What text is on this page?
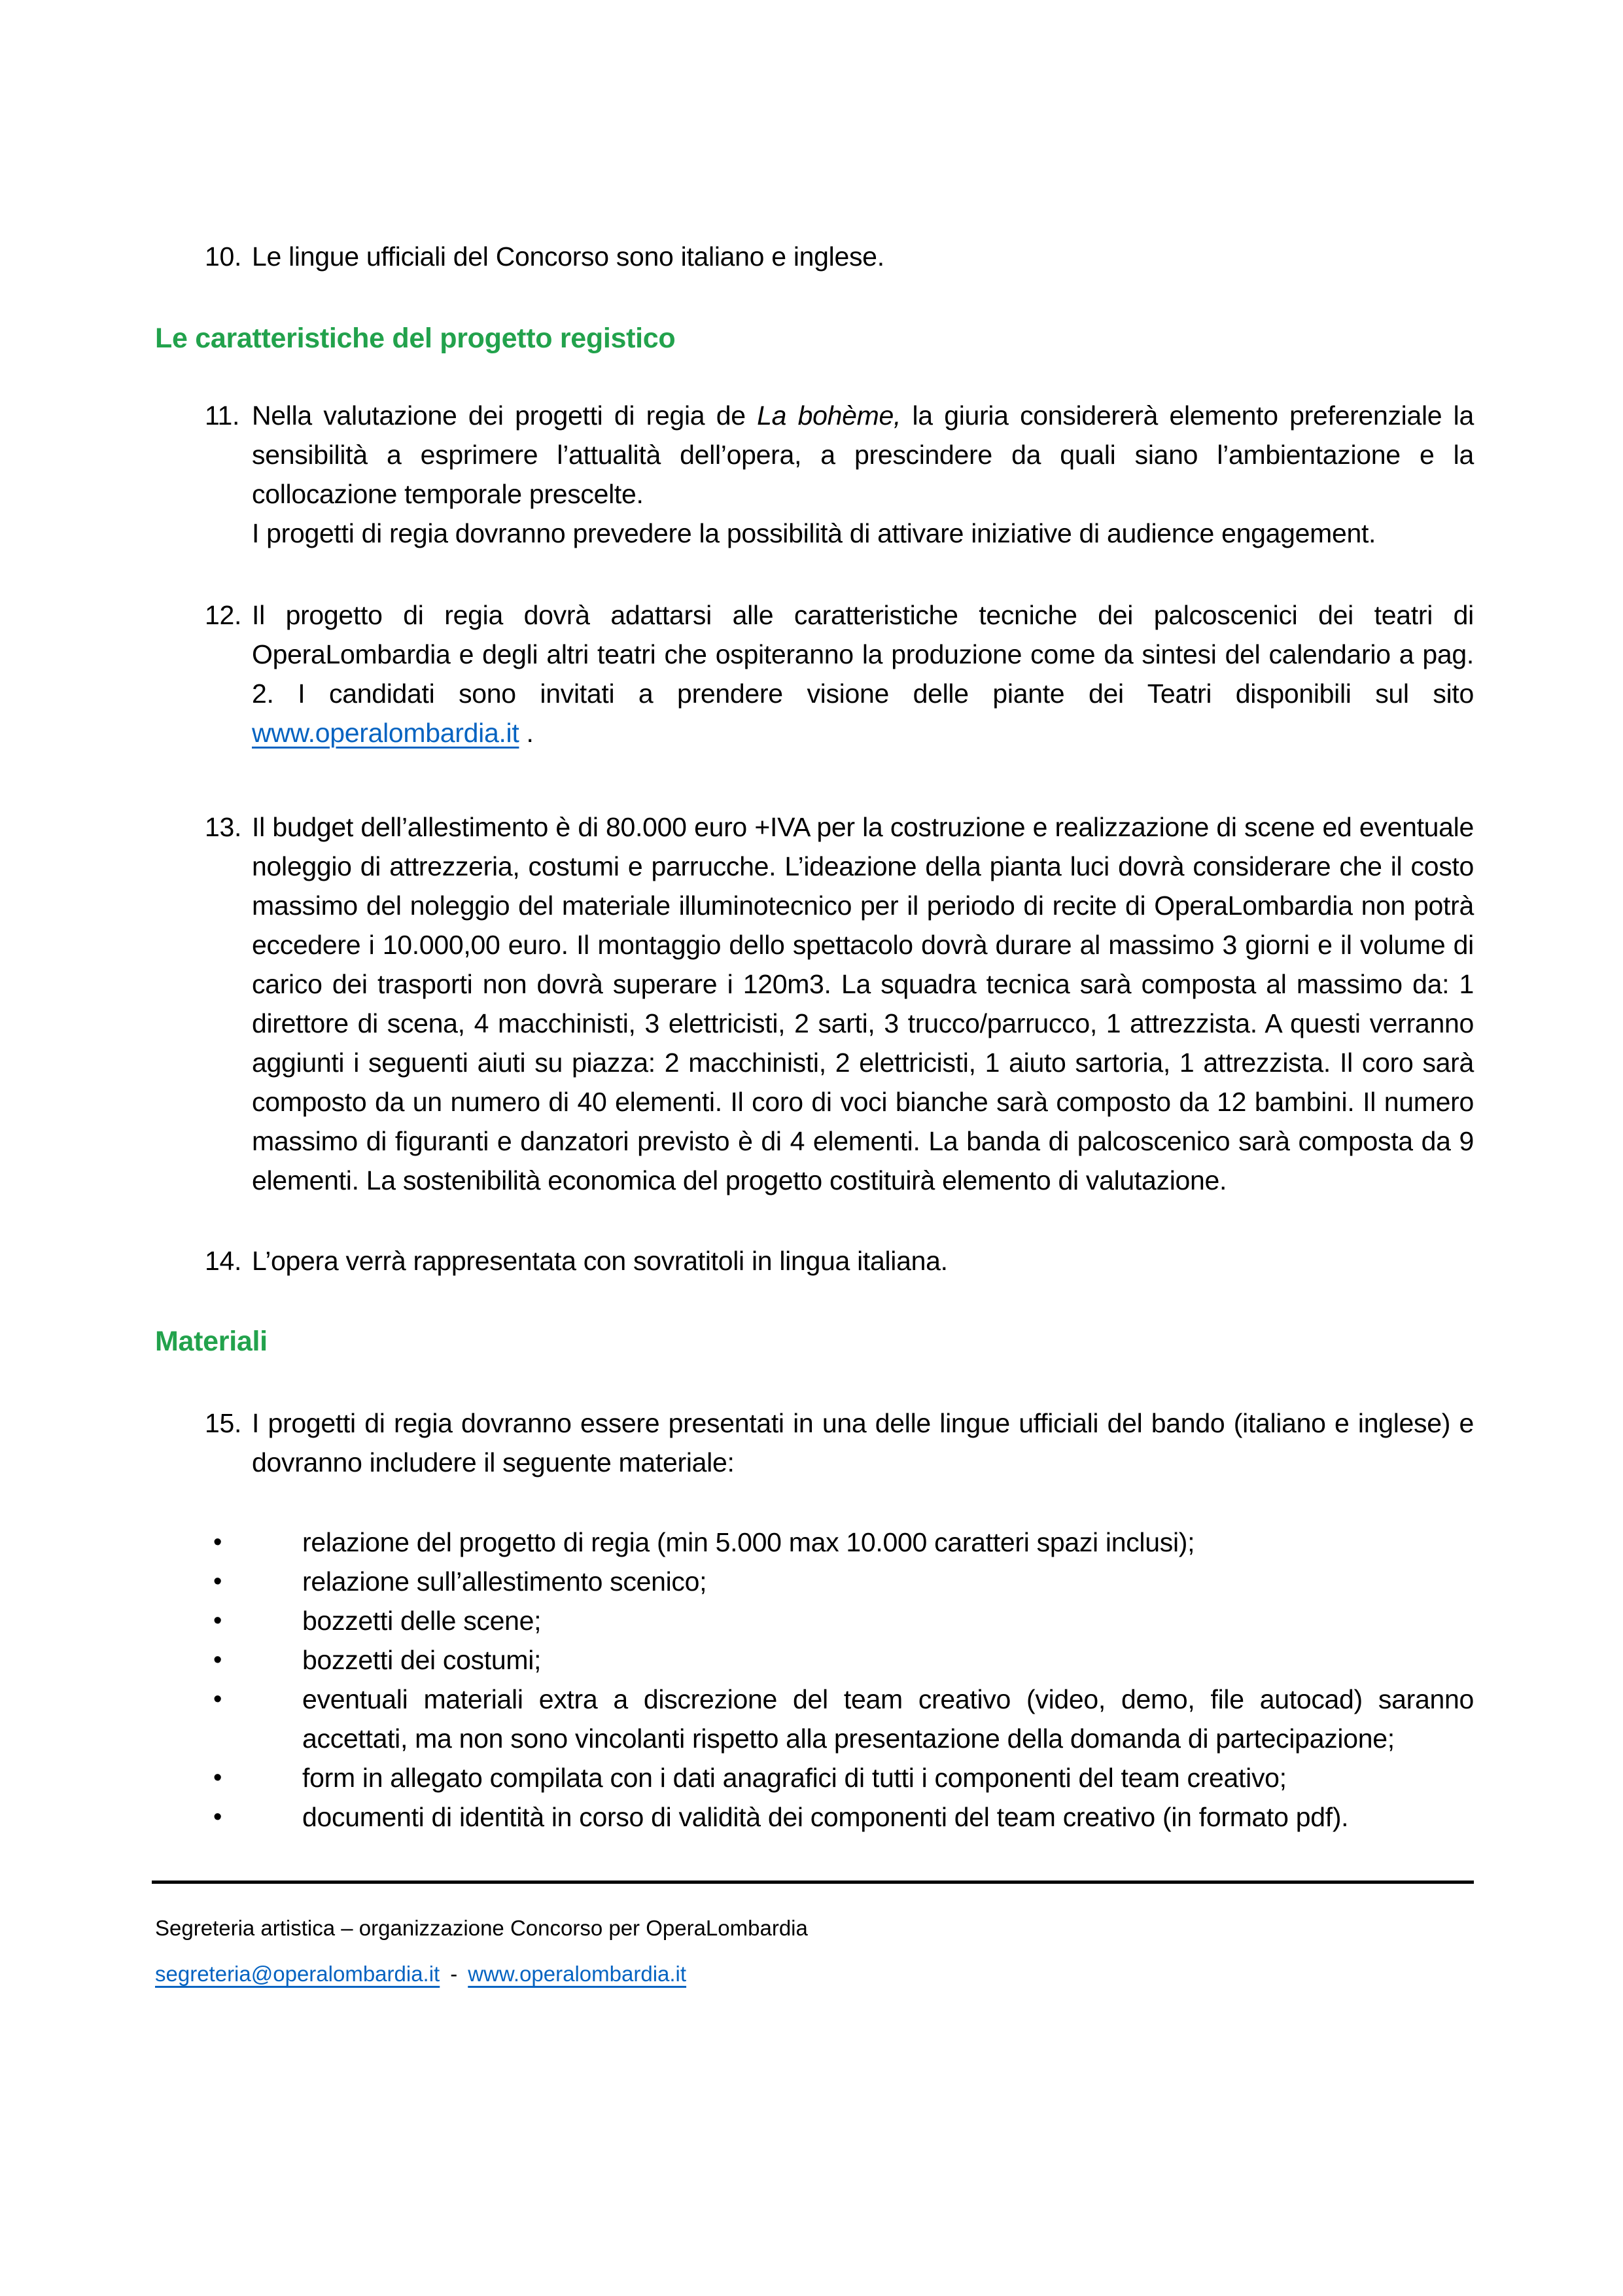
10. Le lingue ufficiali del Concorso sono italiano e inglese.
Le caratteristiche del progetto registico
11. Nella valutazione dei progetti di regia de La bohème, la giuria considererà elemento preferenziale la sensibilità a esprimere l’attualità dell’opera, a prescindere da quali siano l’ambientazione e la collocazione temporale prescelte.
I progetti di regia dovranno prevedere la possibilità di attivare iniziative di audience engagement.
12. Il progetto di regia dovrà adattarsi alle caratteristiche tecniche dei palcoscenici dei teatri di OperaLombardia e degli altri teatri che ospiteranno la produzione come da sintesi del calendario a pag. 2. I candidati sono invitati a prendere visione delle piante dei Teatri disponibili sul sito www.operalombardia.it .
13. Il budget dell’allestimento è di 80.000 euro +IVA per la costruzione e realizzazione di scene ed eventuale noleggio di attrezzeria, costumi e parrucche. L’ideazione della pianta luci dovrà considerare che il costo massimo del noleggio del materiale illuminotecnico per il periodo di recite di OperaLombardia non potrà eccedere i 10.000,00 euro. Il montaggio dello spettacolo dovrà durare al massimo 3 giorni e il volume di carico dei trasporti non dovrà superare i 120m3. La squadra tecnica sarà composta al massimo da: 1 direttore di scena, 4 macchinisti, 3 elettricisti, 2 sarti, 3 trucco/parrucco, 1 attrezzista. A questi verranno aggiunti i seguenti aiuti su piazza: 2 macchinisti, 2 elettricisti, 1 aiuto sartoria, 1 attrezzista. Il coro sarà composto da un numero di 40 elementi. Il coro di voci bianche sarà composto da 12 bambini. Il numero massimo di figuranti e danzatori previsto è di 4 elementi. La banda di palcoscenico sarà composta da 9 elementi. La sostenibilità economica del progetto costituirà elemento di valutazione.
14. L’opera verrà rappresentata con sovratitoli in lingua italiana.
Materiali
15. I progetti di regia dovranno essere presentati in una delle lingue ufficiali del bando (italiano e inglese) e dovranno includere il seguente materiale:
•	relazione del progetto di regia (min 5.000 max 10.000 caratteri spazi inclusi);
•	relazione sull’allestimento scenico;
•	bozzetti delle scene;
•	bozzetti dei costumi;
•	eventuali materiali extra a discrezione del team creativo (video, demo, file autocad) saranno accettati, ma non sono vincolanti rispetto alla presentazione della domanda di partecipazione;
•	form in allegato compilata con i dati anagrafici di tutti i componenti del team creativo;
•	documenti di identità in corso di validità dei componenti del team creativo (in formato pdf).
Segreteria artistica – organizzazione Concorso per OperaLombardia
segreteria@operalombardia.it - www.operalombardia.it
